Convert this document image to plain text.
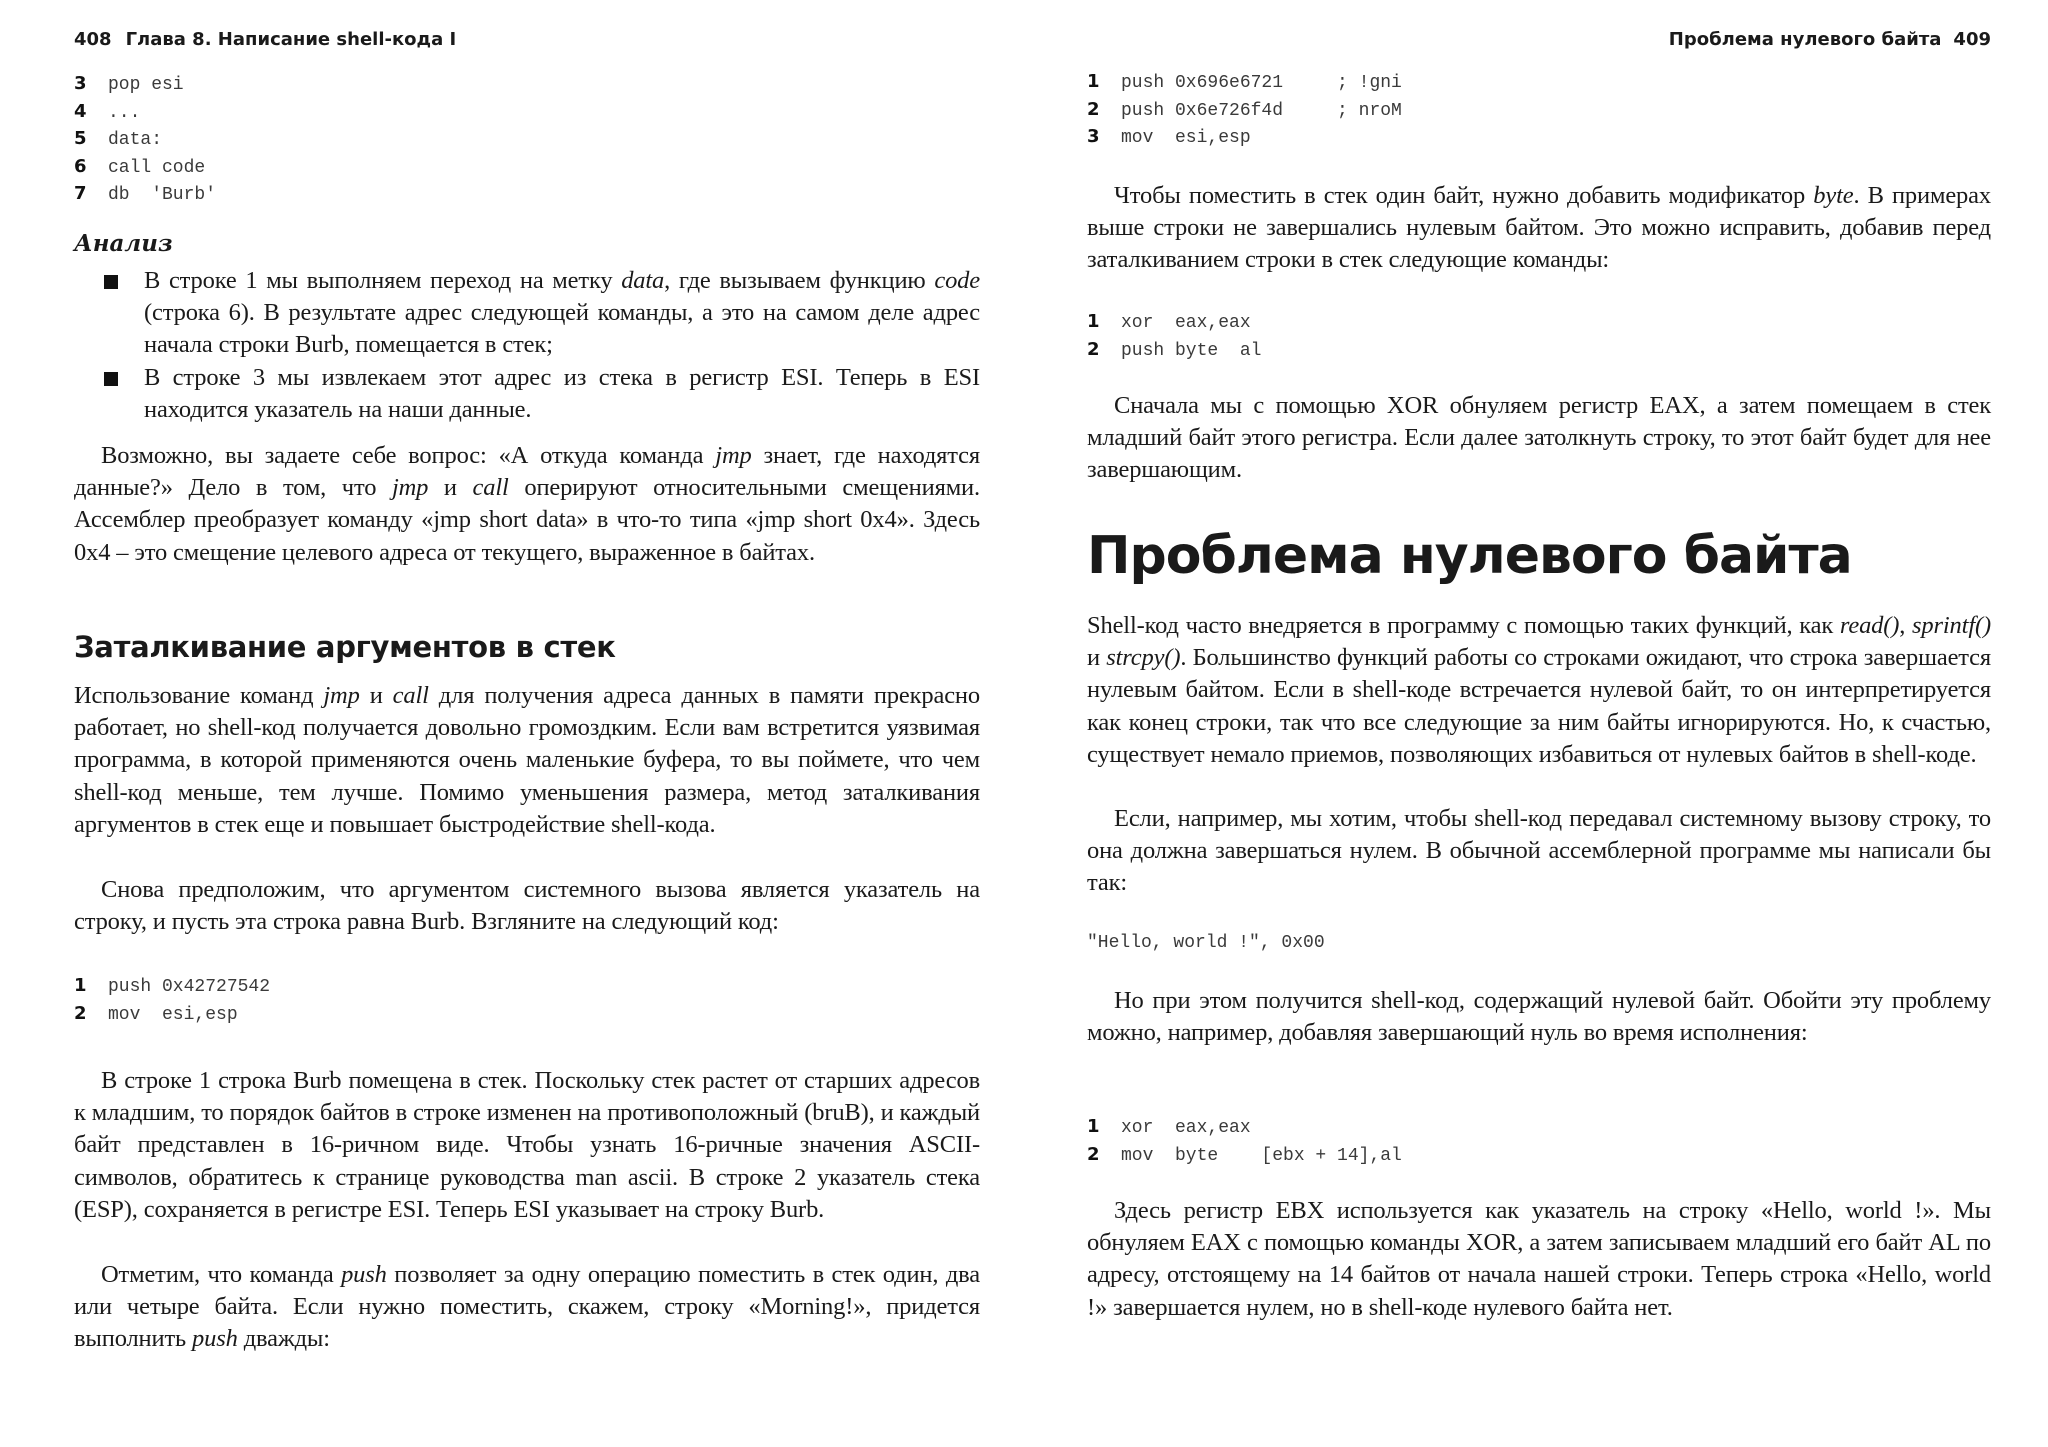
408 Глава 8. Написание shell-кода I
3 pop esi
4 ...
5 data:
6 call code
7 db  'Burb'
Анализ
В строке 1 мы выполняем переход на метку data, где вызываем функцию code (строка 6). В результате адрес следующей команды, а это на самом деле адрес начала строки Burb, помещается в стек;
В строке 3 мы извлекаем этот адрес из стека в регистр ESI. Теперь в ESI находится указатель на наши данные.
Возможно, вы задаете себе вопрос: «А откуда команда jmp знает, где находятся данные?» Дело в том, что jmp и call оперируют относительными смещениями. Ассемблер преобразует команду «jmp short data» в что-то типа «jmp short 0x4». Здесь 0x4 – это смещение целевого адреса от текущего, выраженное в байтах.
Заталкивание аргументов в стек
Использование команд jmp и call для получения адреса данных в памяти прекрасно работает, но shell-код получается довольно громоздким. Если вам встретится уязвимая программа, в которой применяются очень маленькие буфера, то вы поймете, что чем shell-код меньше, тем лучше. Помимо уменьшения размера, метод заталкивания аргументов в стек еще и повышает быстродействие shell-кода.
Снова предположим, что аргументом системного вызова является указатель на строку, и пусть эта строка равна Burb. Взгляните на следующий код:
1 push 0x42727542
2 mov  esi,esp
В строке 1 строка Burb помещена в стек. Поскольку стек растет от старших адресов к младшим, то порядок байтов в строке изменен на противоположный (bruB), и каждый байт представлен в 16-ричном виде. Чтобы узнать 16-ричные значения ASCII-символов, обратитесь к странице руководства man ascii. В строке 2 указатель стека (ESP), сохраняется в регистре ESI. Теперь ESI указывает на строку Burb.
Отметим, что команда push позволяет за одну операцию поместить в стек один, два или четыре байта. Если нужно поместить, скажем, строку «Morning!», придется выполнить push дважды:
Проблема нулевого байта 409
1 push 0x696e6721     ; !gni
2 push 0x6e726f4d     ; nroM
3 mov  esi,esp
Чтобы поместить в стек один байт, нужно добавить модификатор byte. В примерах выше строки не завершались нулевым байтом. Это можно исправить, добавив перед заталкиванием строки в стек следующие команды:
1 xor  eax,eax
2 push byte  al
Сначала мы с помощью XOR обнуляем регистр EAX, а затем помещаем в стек младший байт этого регистра. Если далее затолкнуть строку, то этот байт будет для нее завершающим.
Проблема нулевого байта
Shell-код часто внедряется в программу с помощью таких функций, как read(), sprintf() и strcpy(). Большинство функций работы со строками ожидают, что строка завершается нулевым байтом. Если в shell-коде встречается нулевой байт, то он интерпретируется как конец строки, так что все следующие за ним байты игнорируются. Но, к счастью, существует немало приемов, позволяющих избавиться от нулевых байтов в shell-коде.
Если, например, мы хотим, чтобы shell-код передавал системному вызову строку, то она должна завершаться нулем. В обычной ассемблерной программе мы написали бы так:
"Hello, world !", 0x00
Но при этом получится shell-код, содержащий нулевой байт. Обойти эту проблему можно, например, добавляя завершающий нуль во время исполнения:
1 xor  eax,eax
2 mov  byte    [ebx + 14],al
Здесь регистр EBX используется как указатель на строку «Hello, world !». Мы обнуляем EAX с помощью команды XOR, а затем записываем младший его байт AL по адресу, отстоящему на 14 байтов от начала нашей строки. Теперь строка «Hello, world !» завершается нулем, но в shell-коде нулевого байта нет.
